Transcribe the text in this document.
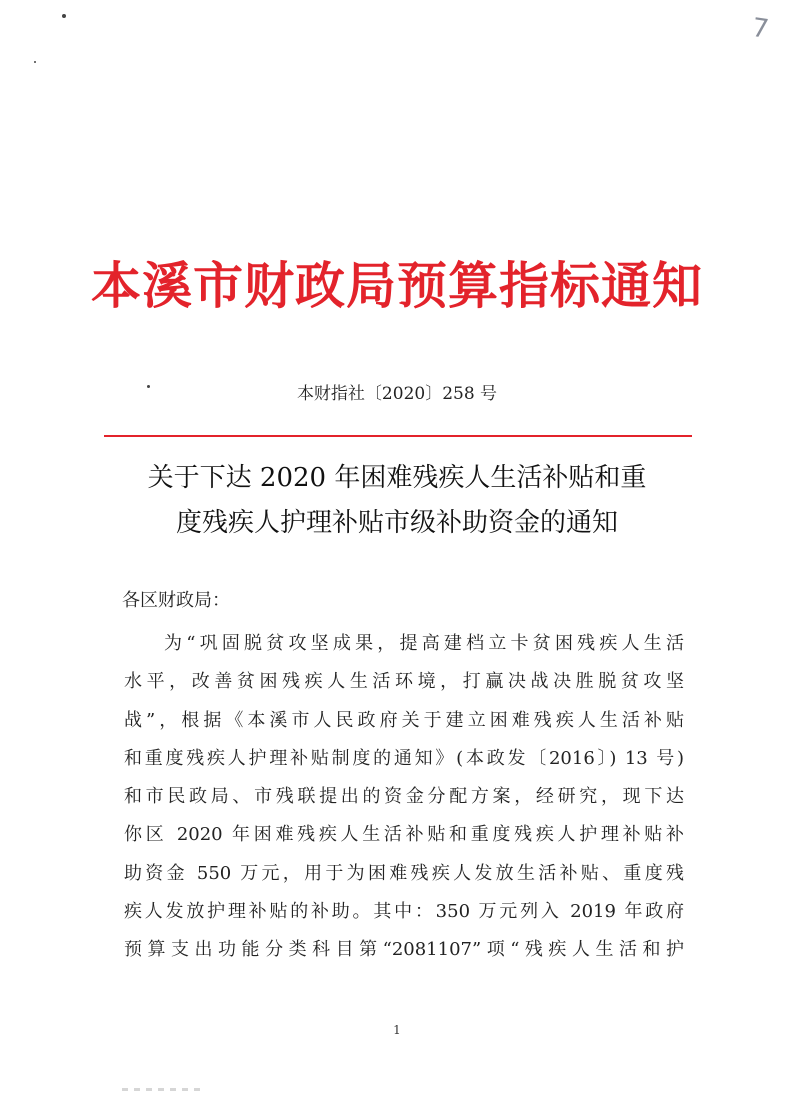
7
本溪市财政局预算指标通知
本财指社〔2020〕258 号
关于下达 2020 年困难残疾人生活补贴和重
度残疾人护理补贴市级补助资金的通知
各区财政局：
为“巩固脱贫攻坚成果，提高建档立卡贫困残疾人生活
水平，改善贫困残疾人生活环境，打赢决战决胜脱贫攻坚
战”，根据《本溪市人民政府关于建立困难残疾人生活补贴
和重度残疾人护理补贴制度的通知》(本政发〔2016〕) 13 号)
和市民政局、市残联提出的资金分配方案，经研究，现下达
你区 2020 年困难残疾人生活补贴和重度残疾人护理补贴补
助资金 550 万元，用于为困难残疾人发放生活补贴、重度残
疾人发放护理补贴的补助。其中：350 万元列入 2019 年政府
预算支出功能分类科目第“2081107”项“残疾人生活和护
1
